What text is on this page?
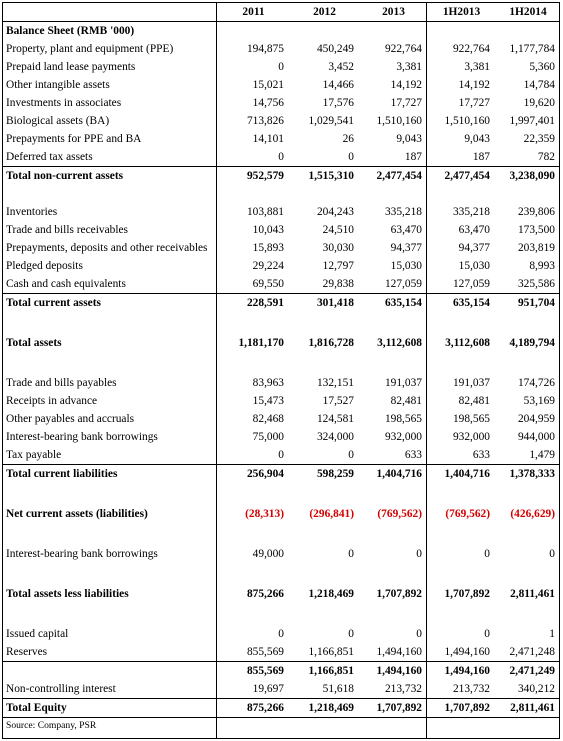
	2011	2012	2013	1H2013	1H2014
Balance Sheet (RMB '000)					
Property, plant and equipment (PPE)	194,875	450,249	922,764	922,764	1,177,784
Prepaid land lease payments	0	3,452	3,381	3,381	5,360
Other intangible assets	15,021	14,466	14,192	14,192	14,784
Investments in associates	14,756	17,576	17,727	17,727	19,620
Biological assets (BA)	713,826	1,029,541	1,510,160	1,510,160	1,997,401
Prepayments for PPE and BA	14,101	26	9,043	9,043	22,359
Deferred tax assets	0	0	187	187	782
Total non-current assets	952,579	1,515,310	2,477,454	2,477,454	3,238,090

Inventories	103,881	204,243	335,218	335,218	239,806
Trade and bills receivables	10,043	24,510	63,470	63,470	173,500
Prepayments, deposits and other receivables	15,893	30,030	94,377	94,377	203,819
Pledged deposits	29,224	12,797	15,030	15,030	8,993
Cash and cash equivalents	69,550	29,838	127,059	127,059	325,586
Total current assets	228,591	301,418	635,154	635,154	951,704

Total assets	1,181,170	1,816,728	3,112,608	3,112,608	4,189,794

Trade and bills payables	83,963	132,151	191,037	191,037	174,726
Receipts in advance	15,473	17,527	82,481	82,481	53,169
Other payables and accruals	82,468	124,581	198,565	198,565	204,959
Interest-bearing bank borrowings	75,000	324,000	932,000	932,000	944,000
Tax payable	0	0	633	633	1,479
Total current liabilities	256,904	598,259	1,404,716	1,404,716	1,378,333

Net current assets (liabilities)	(28,313)	(296,841)	(769,562)	(769,562)	(426,629)

Interest-bearing bank borrowings	49,000	0	0	0	0

Total assets less liabilities	875,266	1,218,469	1,707,892	1,707,892	2,811,461

Issued capital	0	0	0	0	1
Reserves	855,569	1,166,851	1,494,160	1,494,160	2,471,248
	855,569	1,166,851	1,494,160	1,494,160	2,471,249
Non-controlling interest	19,697	51,618	213,732	213,732	340,212
Total Equity	875,266	1,218,469	1,707,892	1,707,892	2,811,461
Source: Company, PSR					
